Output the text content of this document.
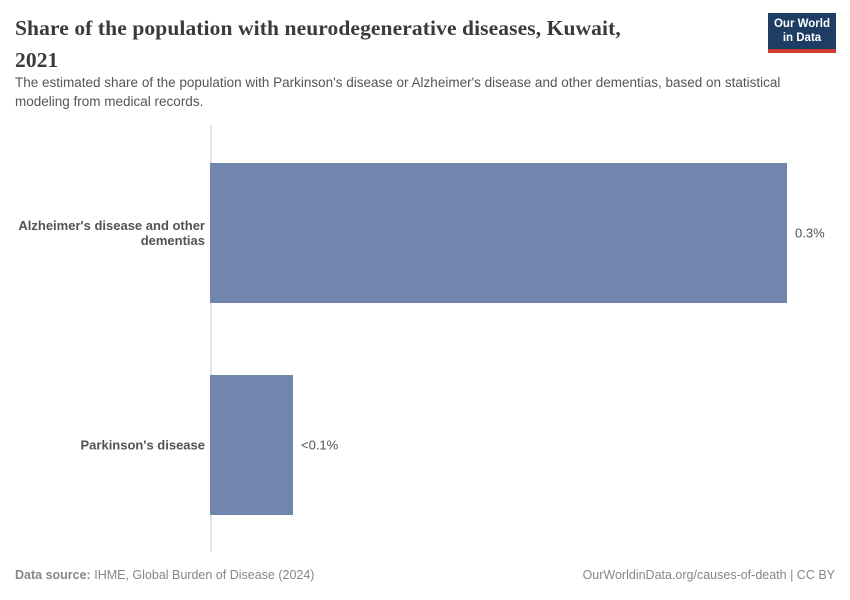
Share of the population with neurodegenerative diseases, Kuwait,
2021
Our World
in Data

The estimated share of the population with Parkinson's disease or Alzheimer's disease and other dementias, based on statistical modeling from medical records.

Alzheimer's disease and other dementias	0.3%
Parkinson's disease	<0.1%
Data source: IHME, Global Burden of Disease (2024)	OurWorldinData.org/causes-of-death | CC BY
